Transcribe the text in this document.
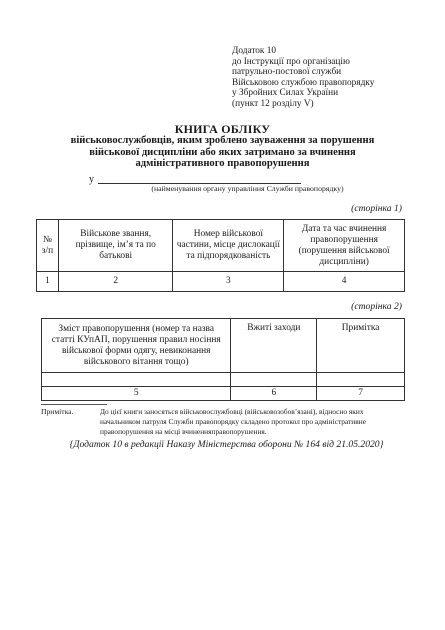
Додаток 10
до Інструкції про організацію
патрульно-постової служби
Військовою службою правопорядку
у Збройних Силах України
(пункт 12 розділу V)
КНИГА ОБЛІКУ
військовослужбовців, яким зроблено зауваження за порушення військової дисципліни або яких затримано за вчинення адміністративного правопорушення
у
(найменування органу управління Служби правопорядку)
(сторінка 1)
№ з/п	Військове звання, прізвище, ім’я та по батькові	Номер військової частини, місце дислокації та підпорядкованість	Дата та час вчинення правопорушення (порушення військової дисципліни)
1	2	3	4
(сторінка 2)
Зміст правопорушення (номер та назва статті КУпАП, порушення правил носіння військової форми одягу, невиконання військового вітання тощо)	Вжиті заходи	Примітка

5	6	7
Примітка.	До цієї книги заносяться військовослужбовці (військовозобов’язані), відносно яких начальником патруля Служби правопорядку складено протокол про адміністративне правопорушення на місці вчиненняправопорушення.
{Додаток 10 в редакції Наказу Міністерства оборони № 164 від 21.05.2020}
